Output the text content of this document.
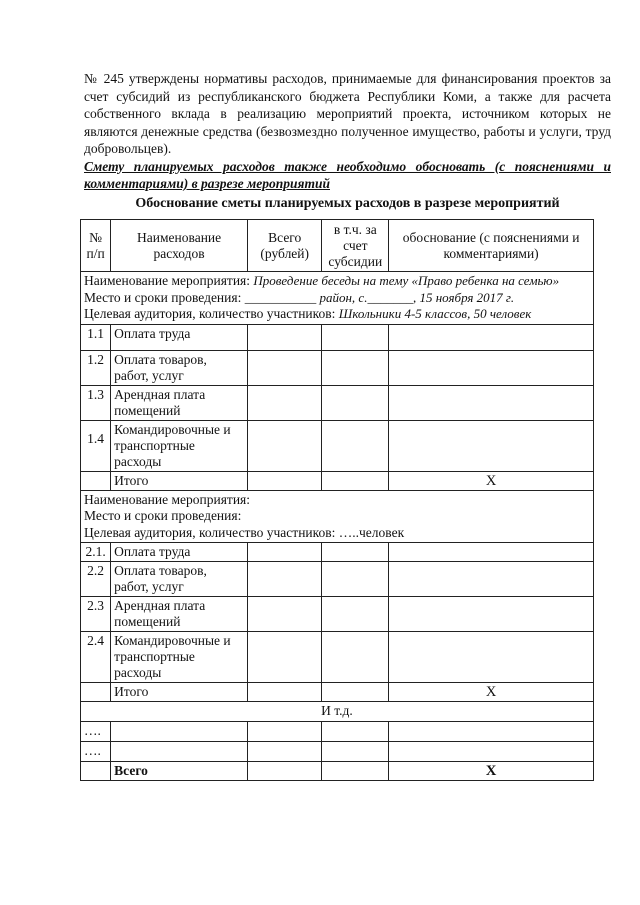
№ 245 утверждены нормативы расходов, принимаемые для финансирования проектов за счет субсидий из республиканского бюджета Республики Коми, а также для расчета собственного вклада в реализацию мероприятий проекта, источником которых не являются денежные средства (безвозмездно полученное имущество, работы и услуги, труд добровольцев).

Смету планируемых расходов также необходимо обосновать (с пояснениями и комментариями) в разрезе мероприятий

Обоснование сметы планируемых расходов в разрезе мероприятий
№ п/п	Наименование расходов	Всего (рублей)	в т.ч. за счет субсидии	обоснование (с пояснениями и комментариями)

Наименование мероприятия: Проведение беседы на тему «Право ребенка на семью»
Место и сроки проведения: ___________ район, с._______, 15 ноября 2017 г.
Целевая аудитория, количество участников: Школьники 4-5 классов, 50 человек				

1.1	Оплата труда			
1.2	Оплата товаров, работ, услуг			
1.3	Арендная плата помещений			
1.4	Командировочные и транспортные расходы			
	Итого			Х

Наименование мероприятия:
Место и сроки проведения:
Целевая аудитория, количество участников: …..человек				

2.1.	Оплата труда			
2.2	Оплата товаров, работ, услуг			
2.3	Арендная плата помещений			
2.4	Командировочные и транспортные расходы			
	Итого			Х
И т.д.				
….				
….				
	Всего			Х
